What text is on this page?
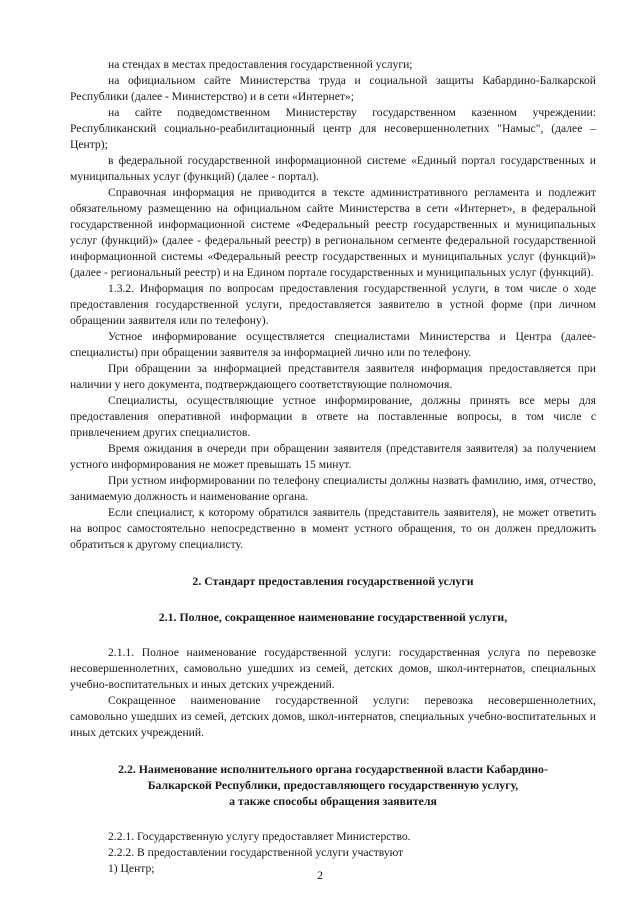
на стендах в местах предоставления государственной услуги;

на официальном сайте Министерства труда и социальной защиты Кабардино-Балкарской Республики (далее - Министерство) и в сети «Интернет»;

на сайте подведомственном Министерству государственном казенном учреждении: Республиканский социально-реабилитационный центр для несовершеннолетних "Намыс", (далее – Центр);

в федеральной государственной информационной системе «Единый портал государственных и муниципальных услуг (функций) (далее - портал).

Справочная информация не приводится в тексте административного регламента и подлежит обязательному размещению на официальном сайте Министерства в сети «Интернет», в федеральной государственной информационной системе «Федеральный реестр государственных и муниципальных услуг (функций)» (далее - федеральный реестр) в региональном сегменте федеральной государственной информационной системы «Федеральный реестр государственных и муниципальных услуг (функций)» (далее - региональный реестр) и на Едином портале государственных и муниципальных услуг (функций).

1.3.2. Информация по вопросам предоставления государственной услуги, в том числе о ходе предоставления государственной услуги, предоставляется заявителю в устной форме (при личном обращении заявителя или по телефону).

Устное информирование осуществляется специалистами Министерства и Центра (далее-специалисты) при обращении заявителя за информацией лично или по телефону.

При обращении за информацией представителя заявителя информация предоставляется при наличии у него документа, подтверждающего соответствующие полномочия.

Специалисты, осуществляющие устное информирование, должны принять все меры для предоставления оперативной информации в ответе на поставленные вопросы, в том числе с привлечением других специалистов.

Время ожидания в очереди при обращении заявителя (представителя заявителя) за получением устного информирования не может превышать 15 минут.

При устном информировании по телефону специалисты должны назвать фамилию, имя, отчество, занимаемую должность и наименование органа.

Если специалист, к которому обратился заявитель (представитель заявителя), не может ответить на вопрос самостоятельно непосредственно в момент устного обращения, то он должен предложить обратиться к другому специалисту.

2. Стандарт предоставления государственной услуги

2.1. Полное, сокращенное наименование государственной услуги,

2.1.1. Полное наименование государственной услуги: государственная услуга по перевозке несовершеннолетних, самовольно ушедших из семей, детских домов, школ-интернатов, специальных учебно-воспитательных и иных детских учреждений.

Сокращенное наименование государственной услуги: перевозка несовершеннолетних, самовольно ушедших из семей, детских домов, школ-интернатов, специальных учебно-воспитательных и иных детских учреждений.

2.2. Наименование исполнительного органа государственной власти Кабардино-
Балкарской Республики, предоставляющего государственную услугу,
а также способы обращения заявителя

2.2.1. Государственную услугу предоставляет Министерство.

2.2.2. В предоставлении государственной услуги участвуют

1) Центр;	2
